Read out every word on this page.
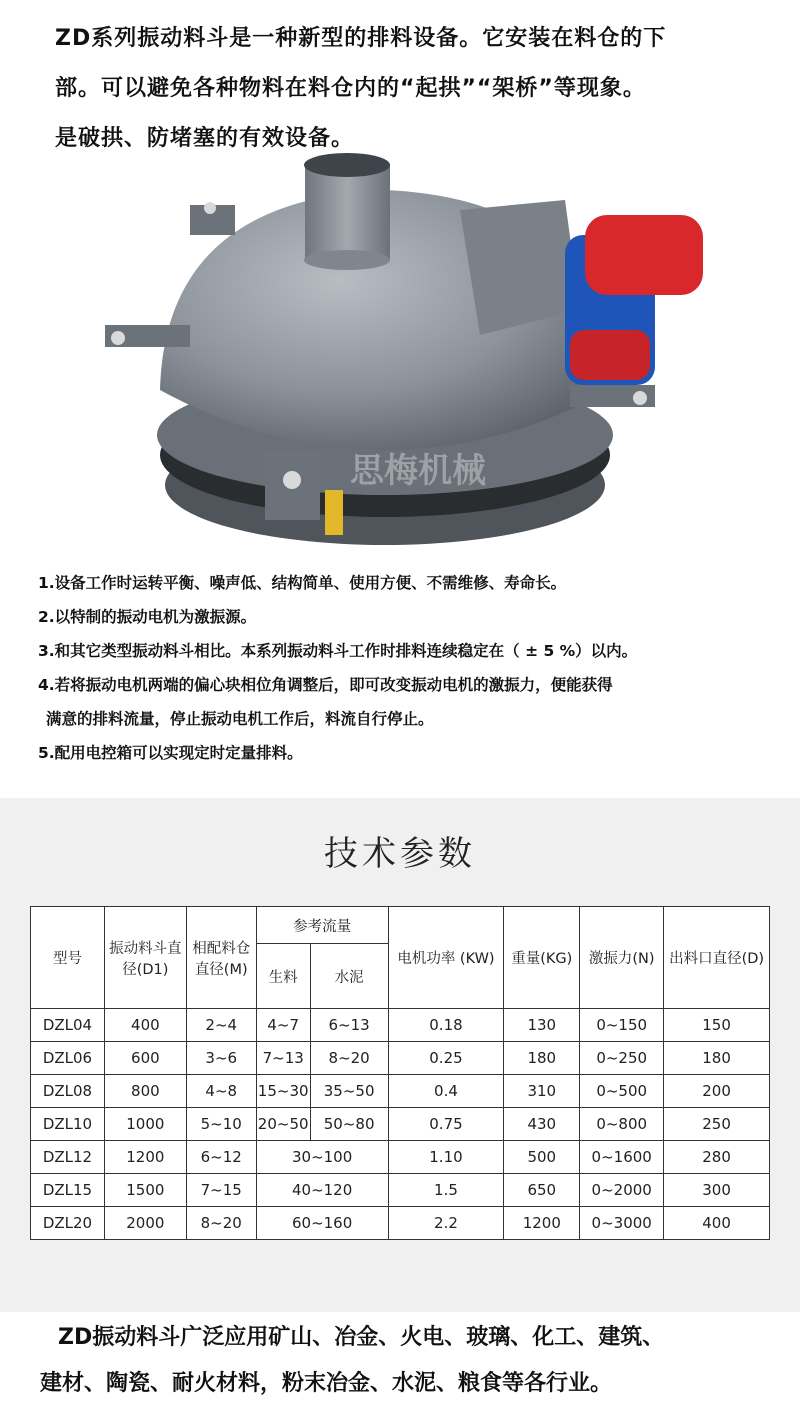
ZD系列振动料斗是一种新型的排料设备。它安装在料仓的下

部。可以避免各种物料在料仓内的“起拱”“架桥”等现象。

是破拱、防堵塞的有效设备。

思梅机械

1.设备工作时运转平衡、噪声低、结构简单、使用方便、不需维修、寿命长。

2.以特制的振动电机为激振源。

3.和其它类型振动料斗相比。本系列振动料斗工作时排料连续稳定在（ ± 5 %）以内。

4.若将振动电机两端的偏心块相位角调整后，即可改变振动电机的激振力，便能获得

满意的排料流量，停止振动电机工作后，料流自行停止。

5.配用电控箱可以实现定时定量排料。

技术参数
型号	振动料斗直径(D1)	相配料仓直径(M)	参考流量		电机功率 (KW)	重量(KG)	激振力(N)	出料口直径(D)
			生料	水泥				
DZL04	400	2~4	4~7	6~13	0.18	130	0~150	150
DZL06	600	3~6	7~13	8~20	0.25	180	0~250	180
DZL08	800	4~8	15~30	35~50	0.4	310	0~500	200
DZL10	1000	5~10	20~50	50~80	0.75	430	0~800	250
DZL12	1200	6~12	30~100		1.10	500	0~1600	280
DZL15	1500	7~15	40~120		1.5	650	0~2000	300
DZL20	2000	8~20	60~160		2.2	1200	0~3000	400

ZD振动料斗广泛应用矿山、冶金、火电、玻璃、化工、建筑、

建材、陶瓷、耐火材料，粉末冶金、水泥、粮食等各行业。
